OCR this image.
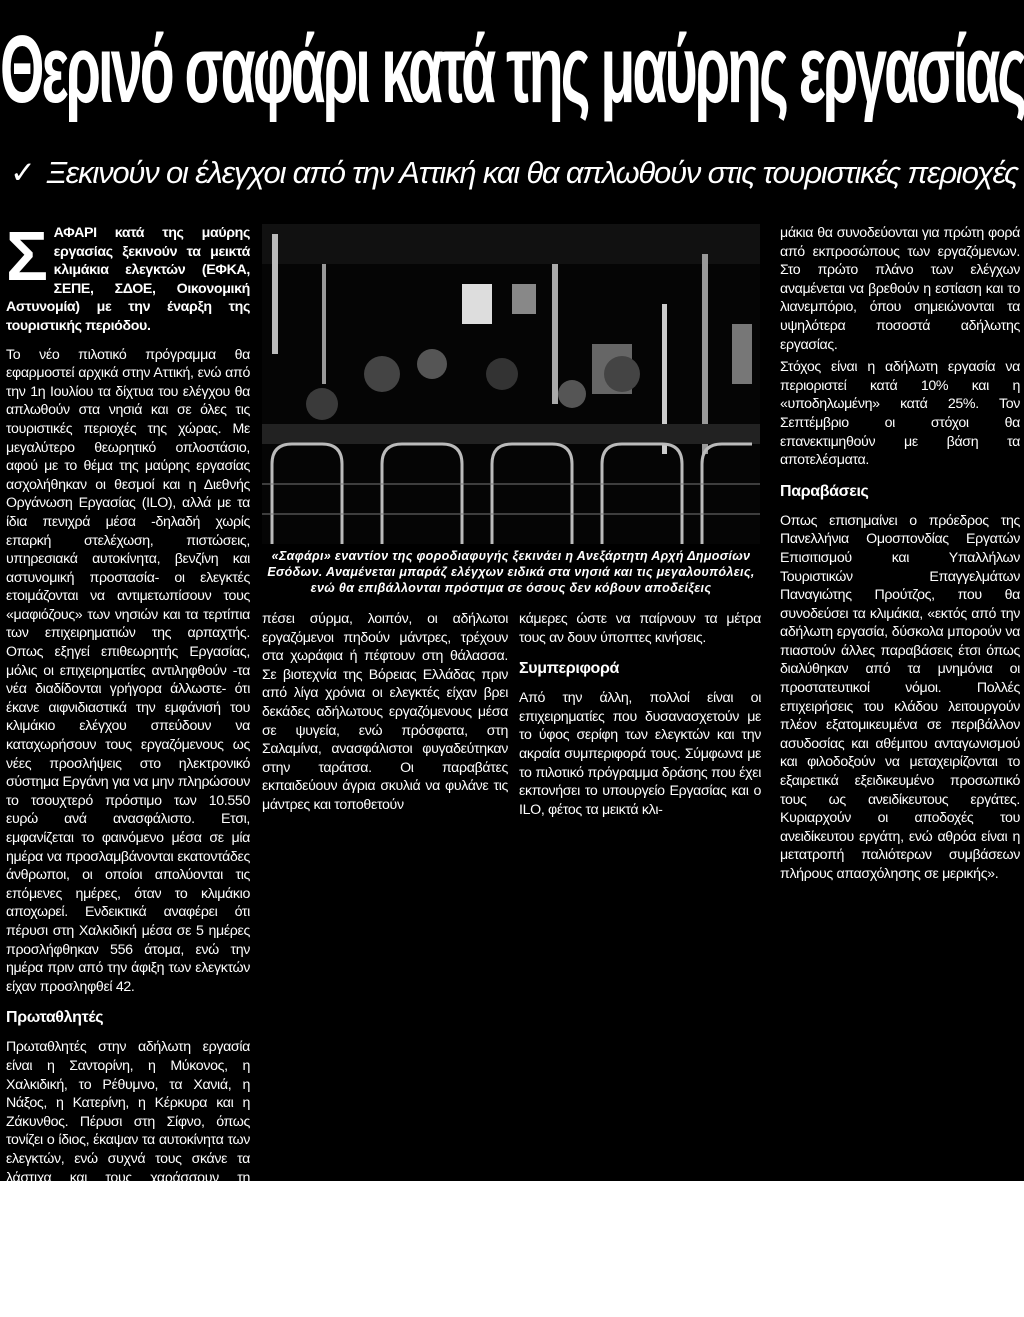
Θερινό σαφάρι κατά της μαύρης εργασίας
✓ Ξεκινούν οι έλεγχοι από την Αττική και θα απλωθούν στις τουριστικές περιοχές
ΣΑΦΑΡΙ κατά της μαύρης εργασίας ξεκινούν τα μεικτά κλιμάκια ελεγκτών (ΕΦΚΑ, ΣΕΠΕ, ΣΔΟΕ, Οικονομική Αστυνομία) με την έναρξη της τουριστικής περιόδου.

Το νέο πιλοτικό πρόγραμμα θα εφαρμοστεί αρχικά στην Αττική, ενώ από την 1η Ιουλίου τα δίχτυα του ελέγχου θα απλωθούν στα νησιά και σε όλες τις τουριστικές περιοχές της χώρας. Με μεγαλύτερο θεωρητικό οπλοστάσιο, αφού με το θέμα της μαύρης εργασίας ασχολήθηκαν οι θεσμοί και η Διεθνής Οργάνωση Εργασίας (ILO), αλλά με τα ίδια πενιχρά μέσα -δηλαδή χωρίς επαρκή στελέχωση, πιστώσεις, υπηρεσιακά αυτοκίνητα, βενζίνη και αστυνομική προστασία- οι ελεγκτές ετοιμάζονται να αντιμετωπίσουν τους «μαφιόζους» των νησιών και τα τερτίπια των επιχειρηματιών της αρπαχτής. Οπως εξηγεί επιθεωρητής Εργασίας, μόλις οι επιχειρηματίες αντιληφθούν -τα νέα διαδίδονται γρήγορα άλλωστε- ότι έκανε αιφνιδιαστικά την εμφάνισή του κλιμάκιο ελέγχου σπεύδουν να καταχωρήσουν τους εργαζόμενους ως νέες προσλήψεις στο ηλεκτρονικό σύστημα Εργάνη για να μην πληρώσουν το τσουχτερό πρόστιμο των 10.550 ευρώ ανά ανασφάλιστο. Ετσι, εμφανίζεται το φαινόμενο μέσα σε μία ημέρα να προσλαμβάνονται εκατοντάδες άνθρωποι, οι οποίοι απολύονται τις επόμενες ημέρες, όταν το κλιμάκιο αποχωρεί. Ενδεικτικά αναφέρει ότι πέρυσι στη Χαλκιδική μέσα σε 5 ημέρες προσλήφθηκαν 556 άτομα, ενώ την ημέρα πριν από την άφιξη των ελεγκτών είχαν προσληφθεί 42.

Πρωταθλητές

Πρωταθλητές στην αδήλωτη εργασία είναι η Σαντορίνη, η Μύκονος, η Χαλκιδική, το Ρέθυμνο, τα Χανιά, η Νάξος, η Κατερίνη, η Κέρκυρα και η Ζάκυνθος. Πέρυσι στη Σίφνο, όπως τονίζει ο ίδιος, έκαψαν τα αυτοκίνητα των ελεγκτών, ενώ συχνά τους σκάνε τα λάστιχα και τους χαράσσουν τη λαμαρίνα. Τα τελευταία χρόνια, όπου έχουν αγριέψει τα πράγματα, τα κλιμάκια ζητούν τη συνδρομή αστυνομικών, καθώς οι καταστηματάρχες τους κυνηγούν, τους απειλούν με μαχαίρια ή αρνούνται να τους προσκομίσουν τα βιβλία. Μόλις

«Σαφάρι» εναντίον της φοροδιαφυγής ξεκινάει η Ανεξάρτητη Αρχή Δημοσίων Εσόδων. Αναμένεται μπαράζ ελέγχων ειδικά στα νησιά και τις μεγαλουπόλεις, ενώ θα επιβάλλονται πρόστιμα σε όσους δεν κόβουν αποδείξεις

πέσει σύρμα, λοιπόν, οι αδήλωτοι εργαζόμενοι πηδούν μάντρες, τρέχουν στα χωράφια ή πέφτουν στη θάλασσα. Σε βιοτεχνία της Βόρειας Ελλάδας πριν από λίγα χρόνια οι ελεγκτές είχαν βρει δεκάδες αδήλωτους εργαζόμενους μέσα σε ψυγεία, ενώ πρόσφατα, στη Σαλαμίνα, ανασφάλιστοι φυγαδεύτηκαν στην ταράτσα. Οι παραβάτες εκπαιδεύουν άγρια σκυλιά να φυλάνε τις μάντρες και τοποθετούν

κάμερες ώστε να παίρνουν τα μέτρα τους αν δουν ύποπτες κινήσεις.

Συμπεριφορά

Από την άλλη, πολλοί είναι οι επιχειρηματίες που δυσανασχετούν με το ύφος σερίφη των ελεγκτών και την ακραία συμπεριφορά τους. Σύμφωνα με το πιλοτικό πρόγραμμα δράσης που έχει εκπονήσει το υπουργείο Εργασίας και ο ILO, φέτος τα μεικτά κλι-

μάκια θα συνοδεύονται για πρώτη φορά από εκπροσώπους των εργαζόμενων. Στο πρώτο πλάνο των ελέγχων αναμένεται να βρεθούν η εστίαση και το λιανεμπόριο, όπου σημειώνονται τα υψηλότερα ποσοστά αδήλωτης εργασίας.

Στόχος είναι η αδήλωτη εργασία να περιοριστεί κατά 10% και η «υποδηλωμένη» κατά 25%. Τον Σεπτέμβριο οι στόχοι θα επανεκτιμηθούν με βάση τα αποτελέσματα.

Παραβάσεις

Οπως επισημαίνει ο πρόεδρος της Πανελλήνια Ομοσπονδίας Εργατών Επισιτισμού και Υπαλλήλων Τουριστικών Επαγγελμάτων Παναγιώτης Προύτζος, που θα συνοδεύσει τα κλιμάκια, «εκτός από την αδήλωτη εργασία, δύσκολα μπορούν να πιαστούν άλλες παραβάσεις έτσι όπως διαλύθηκαν από τα μνημόνια οι προστατευτικοί νόμοι. Πολλές επιχειρήσεις του κλάδου λειτουργούν πλέον εξατομικευμένα σε περιβάλλον ασυδοσίας και αθέμιτου ανταγωνισμού και φιλοδοξούν να μεταχειρίζονται το εξαιρετικά εξειδικευμένο προσωπικό τους ως ανειδίκευτους εργάτες. Κυριαρχούν οι αποδοχές του ανειδίκευτου εργάτη, ενώ αθρόα είναι η μετατροπή παλιότερων συμβάσεων πλήρους απασχόλησης σε μερικής».
